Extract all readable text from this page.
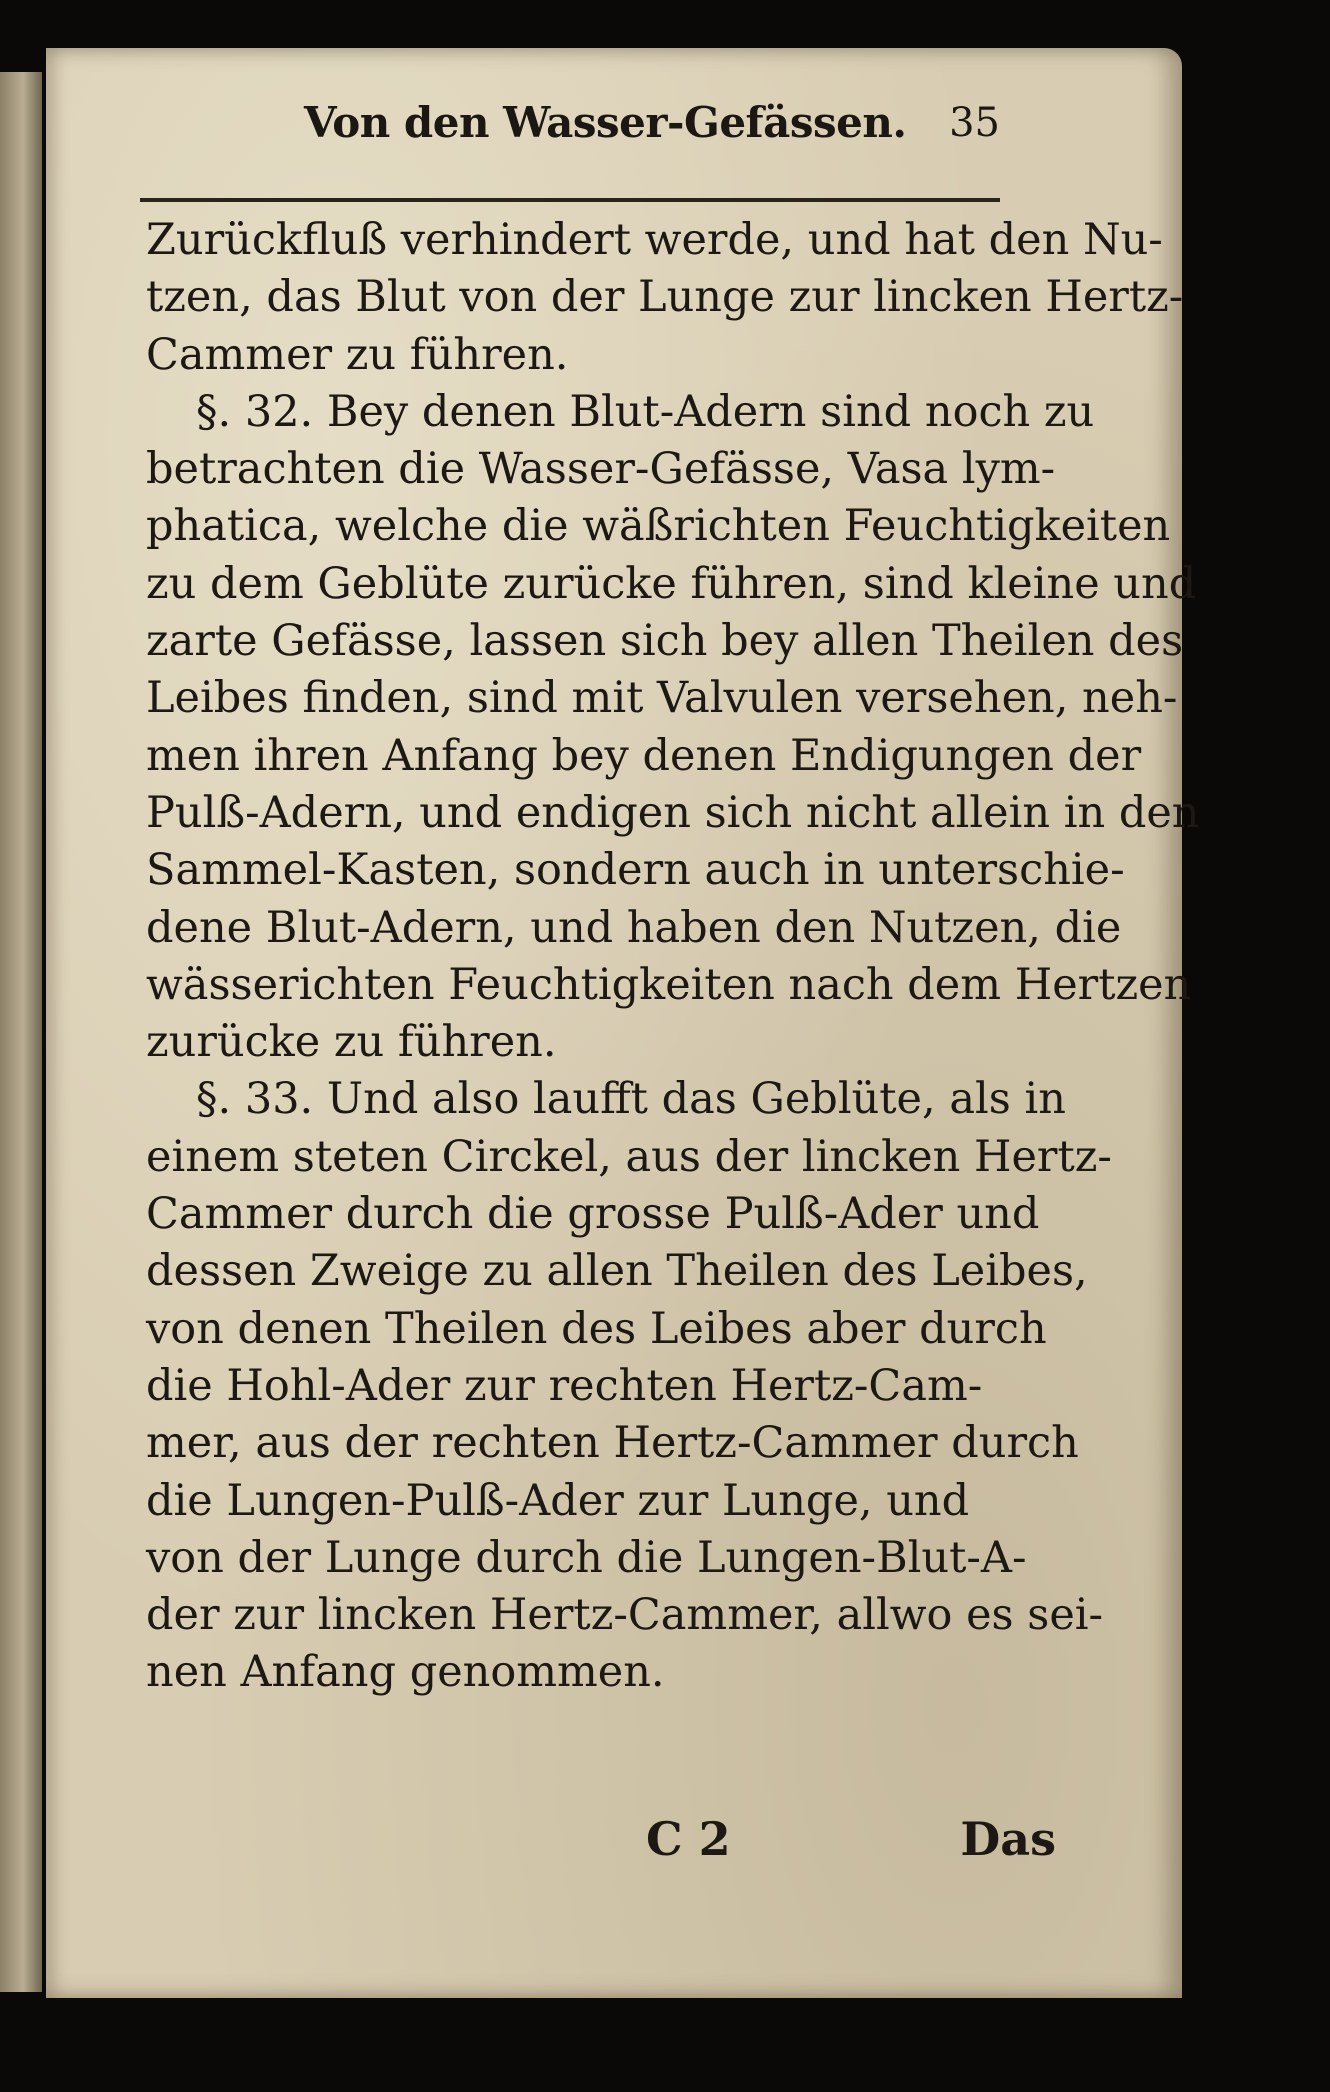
Von den Wasser-Gefässen. 35
Zurückfluß verhindert werde, und hat den Nu-
tzen, das Blut von der Lunge zur lincken Hertz-
Cammer zu führen.
§. 32. Bey denen Blut-Adern sind noch zu
betrachten die Wasser-Gefässe, Vasa lym-
phatica, welche die wäßrichten Feuchtigkeiten
zu dem Geblüte zurücke führen, sind kleine und
zarte Gefässe, lassen sich bey allen Theilen des
Leibes finden, sind mit Valvulen versehen, neh-
men ihren Anfang bey denen Endigungen der
Pulß-Adern, und endigen sich nicht allein in den
Sammel-Kasten, sondern auch in unterschie-
dene Blut-Adern, und haben den Nutzen, die
wässerichten Feuchtigkeiten nach dem Hertzen
zurücke zu führen.
§. 33. Und also laufft das Geblüte, als in
einem steten Circkel, aus der lincken Hertz-
Cammer durch die grosse Pulß-Ader und
dessen Zweige zu allen Theilen des Leibes,
von denen Theilen des Leibes aber durch
die Hohl-Ader zur rechten Hertz-Cam-
mer, aus der rechten Hertz-Cammer durch
die Lungen-Pulß-Ader zur Lunge, und
von der Lunge durch die Lungen-Blut-A-
der zur lincken Hertz-Cammer, allwo es sei-
nen Anfang genommen.
C 2	Das
